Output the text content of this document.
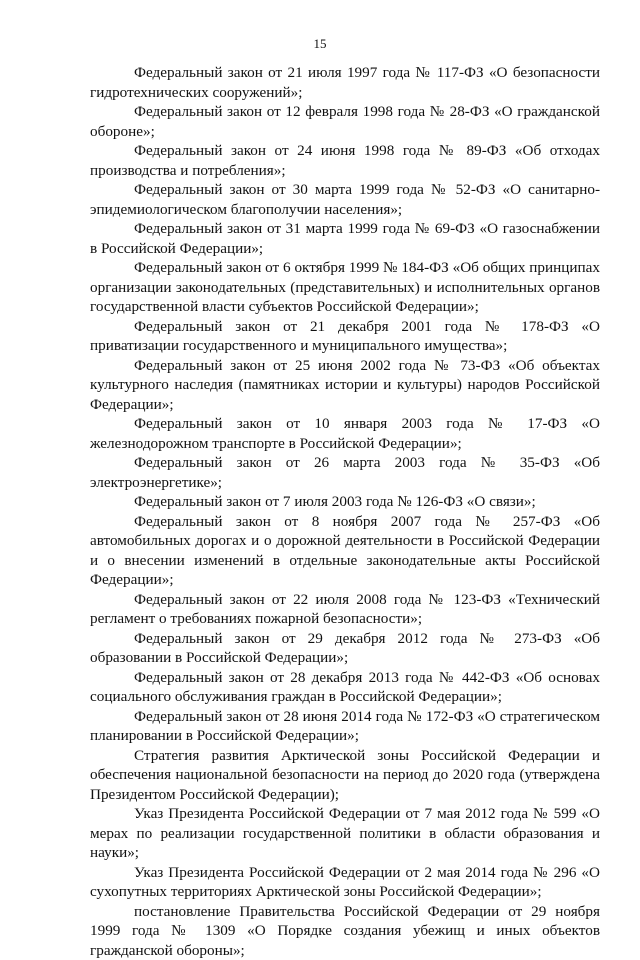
15

Федеральный закон от 21 июля 1997 года № 117-ФЗ «О безопасности гидротехнических сооружений»;

Федеральный закон от 12 февраля 1998 года № 28-ФЗ «О гражданской обороне»;

Федеральный закон от 24 июня 1998 года № 89-ФЗ «Об отходах производства и потребления»;

Федеральный закон от 30 марта 1999 года № 52-ФЗ «О санитарно-эпидемиологическом благополучии населения»;

Федеральный закон от 31 марта 1999 года № 69-ФЗ «О газоснабжении в Российской Федерации»;

Федеральный закон от 6 октября 1999 № 184-ФЗ «Об общих принципах организации законодательных (представительных) и исполнительных органов государственной власти субъектов Российской Федерации»;

Федеральный закон от 21 декабря 2001 года № 178-ФЗ «О приватизации государственного и муниципального имущества»;

Федеральный закон от 25 июня 2002 года № 73-ФЗ «Об объектах культурного наследия (памятниках истории и культуры) народов Российской Федерации»;

Федеральный закон от 10 января 2003 года № 17-ФЗ «О железнодорожном транспорте в Российской Федерации»;

Федеральный закон от 26 марта 2003 года № 35-ФЗ «Об электроэнергетике»;

Федеральный закон от 7 июля 2003 года № 126-ФЗ «О связи»;

Федеральный закон от 8 ноября 2007 года № 257-ФЗ «Об автомобильных дорогах и о дорожной деятельности в Российской Федерации и о внесении изменений в отдельные законодательные акты Российской Федерации»;

Федеральный закон от 22 июля 2008 года № 123-ФЗ «Технический регламент о требованиях пожарной безопасности»;

Федеральный закон от 29 декабря 2012 года № 273-ФЗ «Об образовании в Российской Федерации»;

Федеральный закон от 28 декабря 2013 года № 442-ФЗ «Об основах социального обслуживания граждан в Российской Федерации»;

Федеральный закон от 28 июня 2014 года № 172-ФЗ «О стратегическом планировании в Российской Федерации»;

Стратегия развития Арктической зоны Российской Федерации и обеспечения национальной безопасности на период до 2020 года (утверждена Президентом Российской Федерации);

Указ Президента Российской Федерации от 7 мая 2012 года № 599 «О мерах по реализации государственной политики в области образования и науки»;

Указ Президента Российской Федерации от 2 мая 2014 года № 296 «О сухопутных территориях Арктической зоны Российской Федерации»;

постановление Правительства Российской Федерации от 29 ноября 1999 года № 1309 «О Порядке создания убежищ и иных объектов гражданской обороны»;
